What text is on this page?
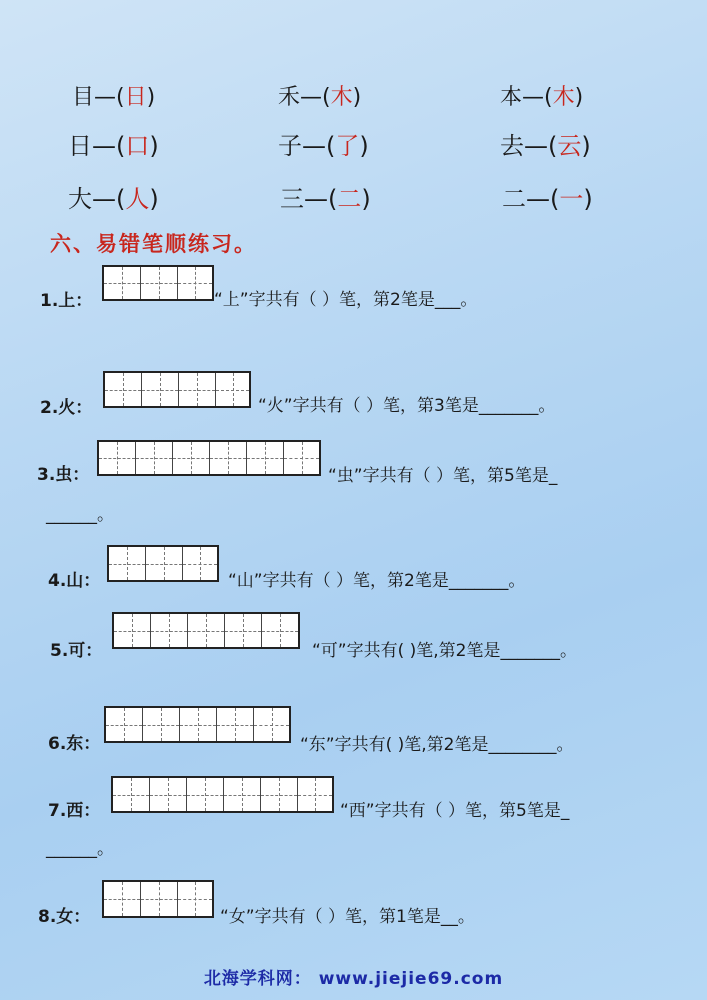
目—(日)	禾—(木)	本—(木)
日—(口)	子—(了)	去—(云)
大—(人)	三—(二)	二—(一)
六、易错笔顺练习。
1.上：	“上”字共有（ ）笔，第2笔是___。
2.火：	“火”字共有（ ）笔，第3笔是_______。
3.虫：	“虫”字共有（ ）笔，第5笔是_
______。
4.山：	“山”字共有（ ）笔，第2笔是_______。
5.可：	“可”字共有( )笔,第2笔是_______。
6.东：	“东”字共有( )笔,第2笔是________。
7.西：	“西”字共有（ ）笔，第5笔是_
______。
8.女：	“女”字共有（ ）笔，第1笔是__。
北海学科网： www.jiejie69.com
